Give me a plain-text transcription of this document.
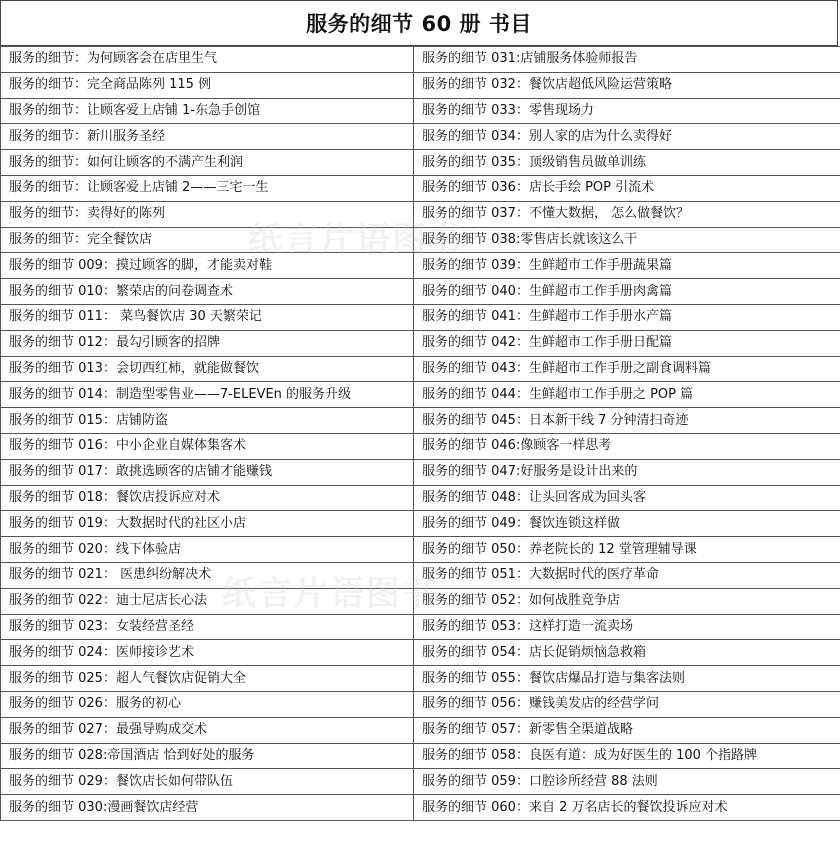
服务的细节 60 册 书目
服务的细节：为何顾客会在店里生气	服务的细节 031:店铺服务体验师报告
服务的细节：完全商品陈列 115 例	服务的细节 032：餐饮店超低风险运营策略
服务的细节：让顾客爱上店铺 1-东急手创馆	服务的细节 033：零售现场力
服务的细节：新川服务圣经	服务的细节 034：别人家的店为什么卖得好
服务的细节：如何让顾客的不满产生利润	服务的细节 035：顶级销售员做单训练
服务的细节：让顾客爱上店铺 2——三宅一生	服务的细节 036：店长手绘 POP 引流术
服务的细节：卖得好的陈列	服务的细节 037：不懂大数据， 怎么做餐饮？
服务的细节：完全餐饮店	服务的细节 038:零售店长就该这么干
服务的细节 009：摸过顾客的脚，才能卖对鞋	服务的细节 039：生鲜超市工作手册蔬果篇
服务的细节 010：繁荣店的问卷调查术	服务的细节 040：生鲜超市工作手册肉禽篇
服务的细节 011： 菜鸟餐饮店 30 天繁荣记	服务的细节 041：生鲜超市工作手册水产篇
服务的细节 012：最勾引顾客的招牌	服务的细节 042：生鲜超市工作手册日配篇
服务的细节 013：会切西红柿，就能做餐饮	服务的细节 043：生鲜超市工作手册之副食调料篇
服务的细节 014：制造型零售业——7-ELEVEn 的服务升级	服务的细节 044：生鲜超市工作手册之 POP 篇
服务的细节 015：店铺防盗	服务的细节 045：日本新干线 7 分钟清扫奇迹
服务的细节 016：中小企业自媒体集客术	服务的细节 046:像顾客一样思考
服务的细节 017：敢挑选顾客的店铺才能赚钱	服务的细节 047:好服务是设计出来的
服务的细节 018：餐饮店投诉应对术	服务的细节 048：让头回客成为回头客
服务的细节 019：大数据时代的社区小店	服务的细节 049：餐饮连锁这样做
服务的细节 020：线下体验店	服务的细节 050：养老院长的 12 堂管理辅导课
服务的细节 021： 医患纠纷解决术	服务的细节 051：大数据时代的医疗革命
服务的细节 022：迪士尼店长心法	服务的细节 052：如何战胜竞争店
服务的细节 023：女装经营圣经	服务的细节 053：这样打造一流卖场
服务的细节 024：医师接诊艺术	服务的细节 054：店长促销烦恼急救箱
服务的细节 025：超人气餐饮店促销大全	服务的细节 055：餐饮店爆品打造与集客法则
服务的细节 026：服务的初心	服务的细节 056：赚钱美发店的经营学问
服务的细节 027：最强导购成交术	服务的细节 057：新零售全渠道战略
服务的细节 028:帝国酒店 恰到好处的服务	服务的细节 058：良医有道：成为好医生的 100 个指路牌
服务的细节 029：餐饮店长如何带队伍	服务的细节 059：口腔诊所经营 88 法则
服务的细节 030:漫画餐饮店经营	服务的细节 060：来自 2 万名店长的餐饮投诉应对术
纸言片语图书
纸言片语图书
